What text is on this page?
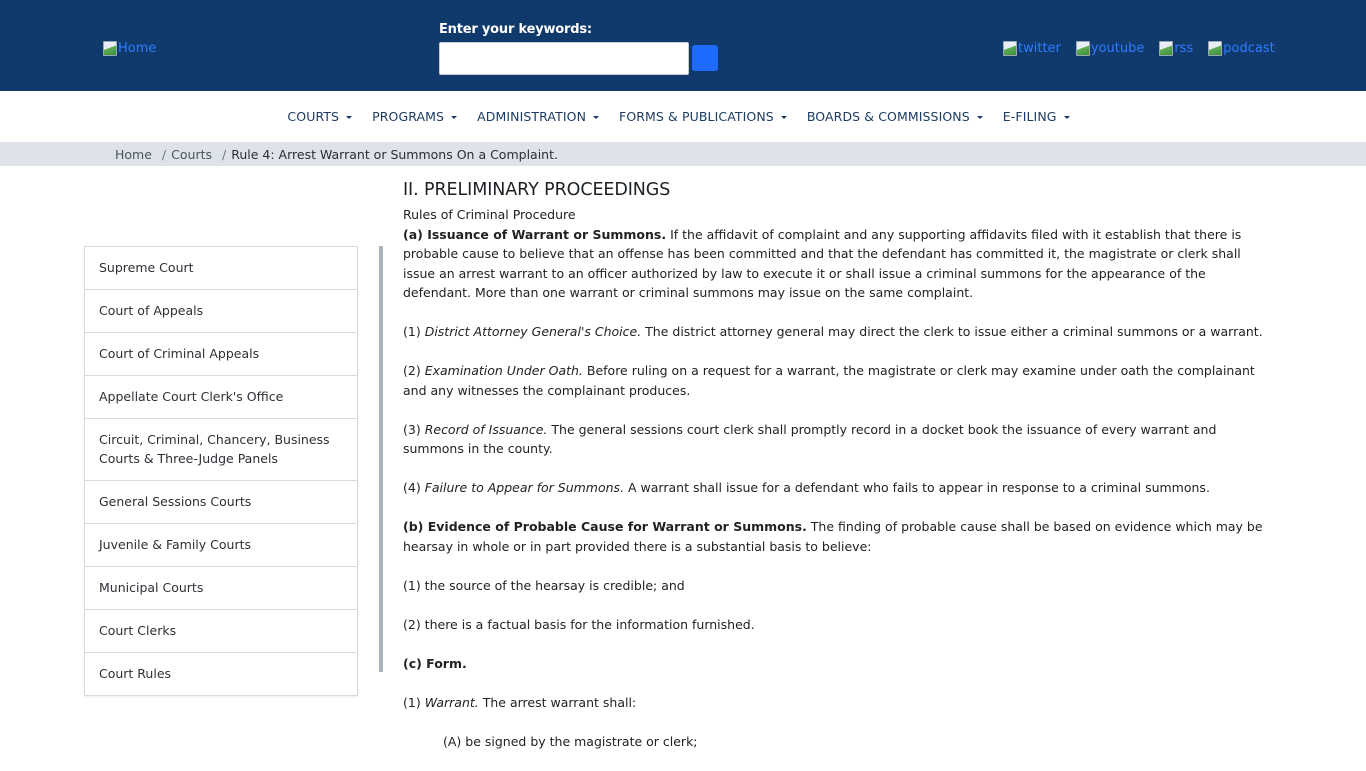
Home
Enter your keywords:
twitter youtube rss podcast
COURTS	PROGRAMS	ADMINISTRATION	FORMS & PUBLICATIONS	BOARDS & COMMISSIONS	E-FILING
Home / Courts / Rule 4: Arrest Warrant or Summons On a Complaint.
Supreme Court
Court of Appeals
Court of Criminal Appeals
Appellate Court Clerk's Office
Circuit, Criminal, Chancery, Business Courts & Three-Judge Panels
General Sessions Courts
Juvenile & Family Courts
Municipal Courts
Court Clerks
Court Rules
II. PRELIMINARY PROCEEDINGS
Rules of Criminal Procedure

(a) Issuance of Warrant or Summons. If the affidavit of complaint and any supporting affidavits filed with it establish that there is probable cause to believe that an offense has been committed and that the defendant has committed it, the magistrate or clerk shall issue an arrest warrant to an officer authorized by law to execute it or shall issue a criminal summons for the appearance of the defendant. More than one warrant or criminal summons may issue on the same complaint.

(1) District Attorney General's Choice. The district attorney general may direct the clerk to issue either a criminal summons or a warrant.

(2) Examination Under Oath. Before ruling on a request for a warrant, the magistrate or clerk may examine under oath the complainant and any witnesses the complainant produces.

(3) Record of Issuance. The general sessions court clerk shall promptly record in a docket book the issuance of every warrant and summons in the county.

(4) Failure to Appear for Summons. A warrant shall issue for a defendant who fails to appear in response to a criminal summons.

(b) Evidence of Probable Cause for Warrant or Summons. The finding of probable cause shall be based on evidence which may be hearsay in whole or in part provided there is a substantial basis to believe:

(1) the source of the hearsay is credible; and

(2) there is a factual basis for the information furnished.

(c) Form.

(1) Warrant. The arrest warrant shall:

(A) be signed by the magistrate or clerk;
